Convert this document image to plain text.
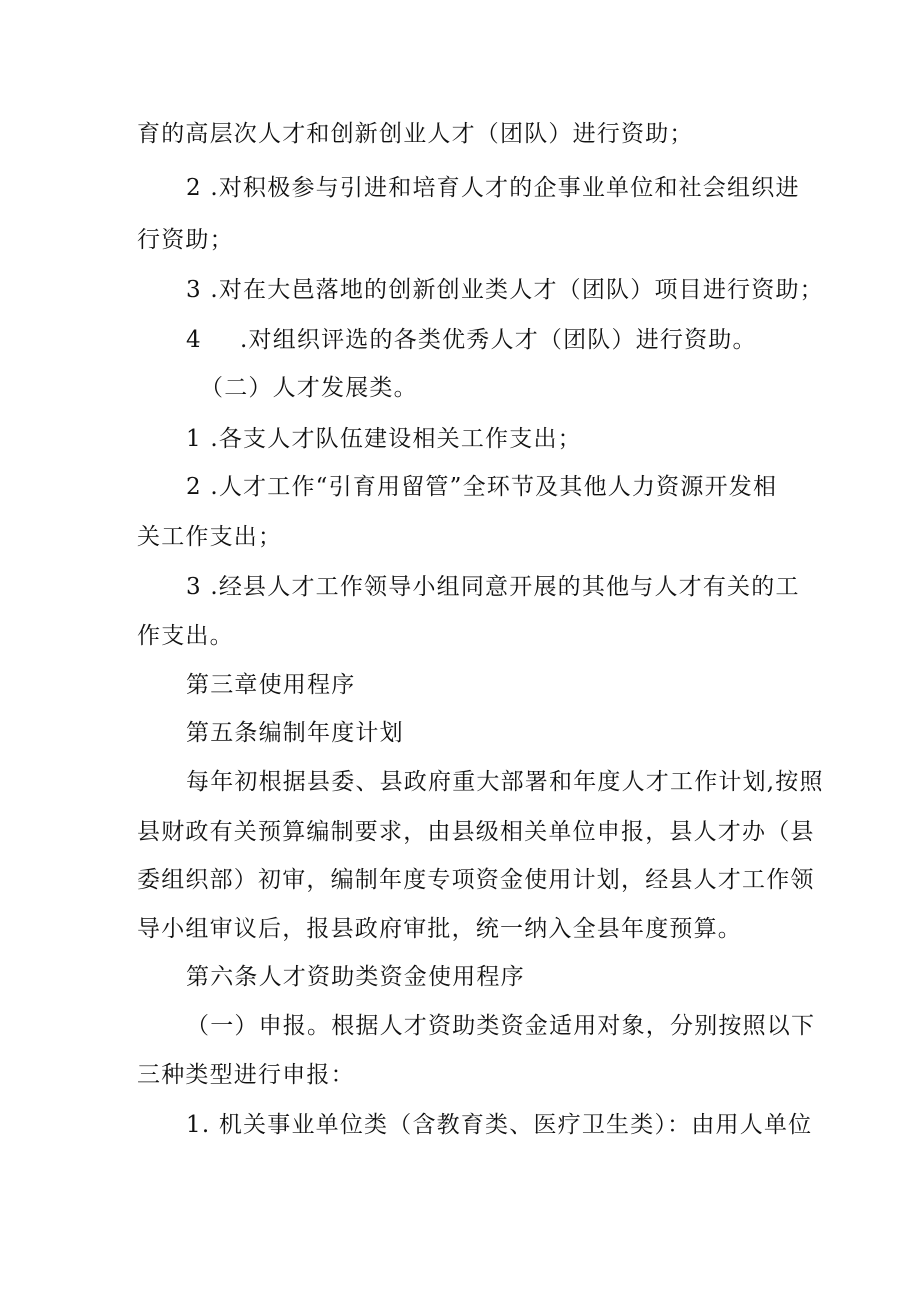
育的高层次人才和创新创业人才（团队）进行资助；
2 .对积极参与引进和培育人才的企事业单位和社会组织进
行资助；
3 .对在大邑落地的创新创业类人才（团队）项目进行资助；
4 .对组织评选的各类优秀人才（团队）进行资助。
（二）人才发展类。
1 .各支人才队伍建设相关工作支出；
2 .人才工作“引育用留管”全环节及其他人力资源开发相
关工作支出；
3 .经县人才工作领导小组同意开展的其他与人才有关的工
作支出。
第三章使用程序
第五条编制年度计划
每年初根据县委、县政府重大部署和年度人才工作计划,按照
县财政有关预算编制要求，由县级相关单位申报，县人才办（县
委组织部）初审，编制年度专项资金使用计划，经县人才工作领
导小组审议后，报县政府审批，统一纳入全县年度预算。
第六条人才资助类资金使用程序
（一）申报。根据人才资助类资金适用对象，分别按照以下
三种类型进行申报：
1. 机关事业单位类（含教育类、医疗卫生类）：由用人单位
